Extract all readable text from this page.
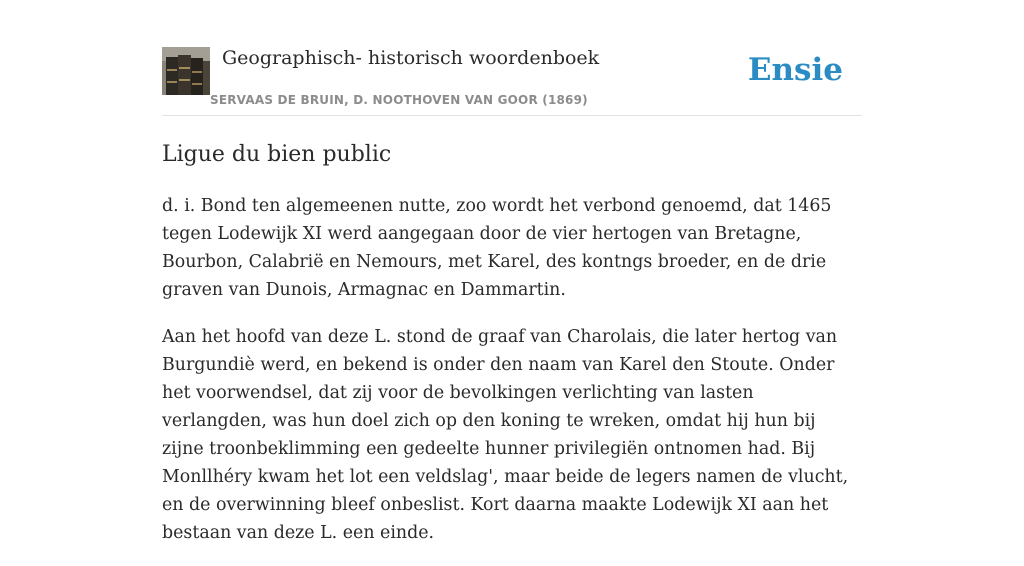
Geographisch- historisch woordenboek
SERVAAS DE BRUIN, D. NOOTHOVEN VAN GOOR (1869)
Ensie
Ligue du bien public

d. i. Bond ten algemeenen nutte, zoo wordt het verbond genoemd, dat 1465 tegen Lodewijk XI werd aangegaan door de vier hertogen van Bretagne, Bourbon, Calabrië en Nemours, met Karel, des kontngs broeder, en de drie graven van Dunois, Armagnac en Dammartin.

Aan het hoofd van deze L. stond de graaf van Charolais, die later hertog van Burgundiè werd, en bekend is onder den naam van Karel den Stoute. Onder het voorwendsel, dat zij voor de bevolkingen verlichting van lasten verlangden, was hun doel zich op den koning te wreken, omdat hij hun bij zijne troonbeklimming een gedeelte hunner privilegiën ontnomen had. Bij Monllhéry kwam het lot een veldslag', maar beide de legers namen de vlucht, en de overwinning bleef onbeslist. Kort daarna maakte Lodewijk XI aan het bestaan van deze L. een einde.
